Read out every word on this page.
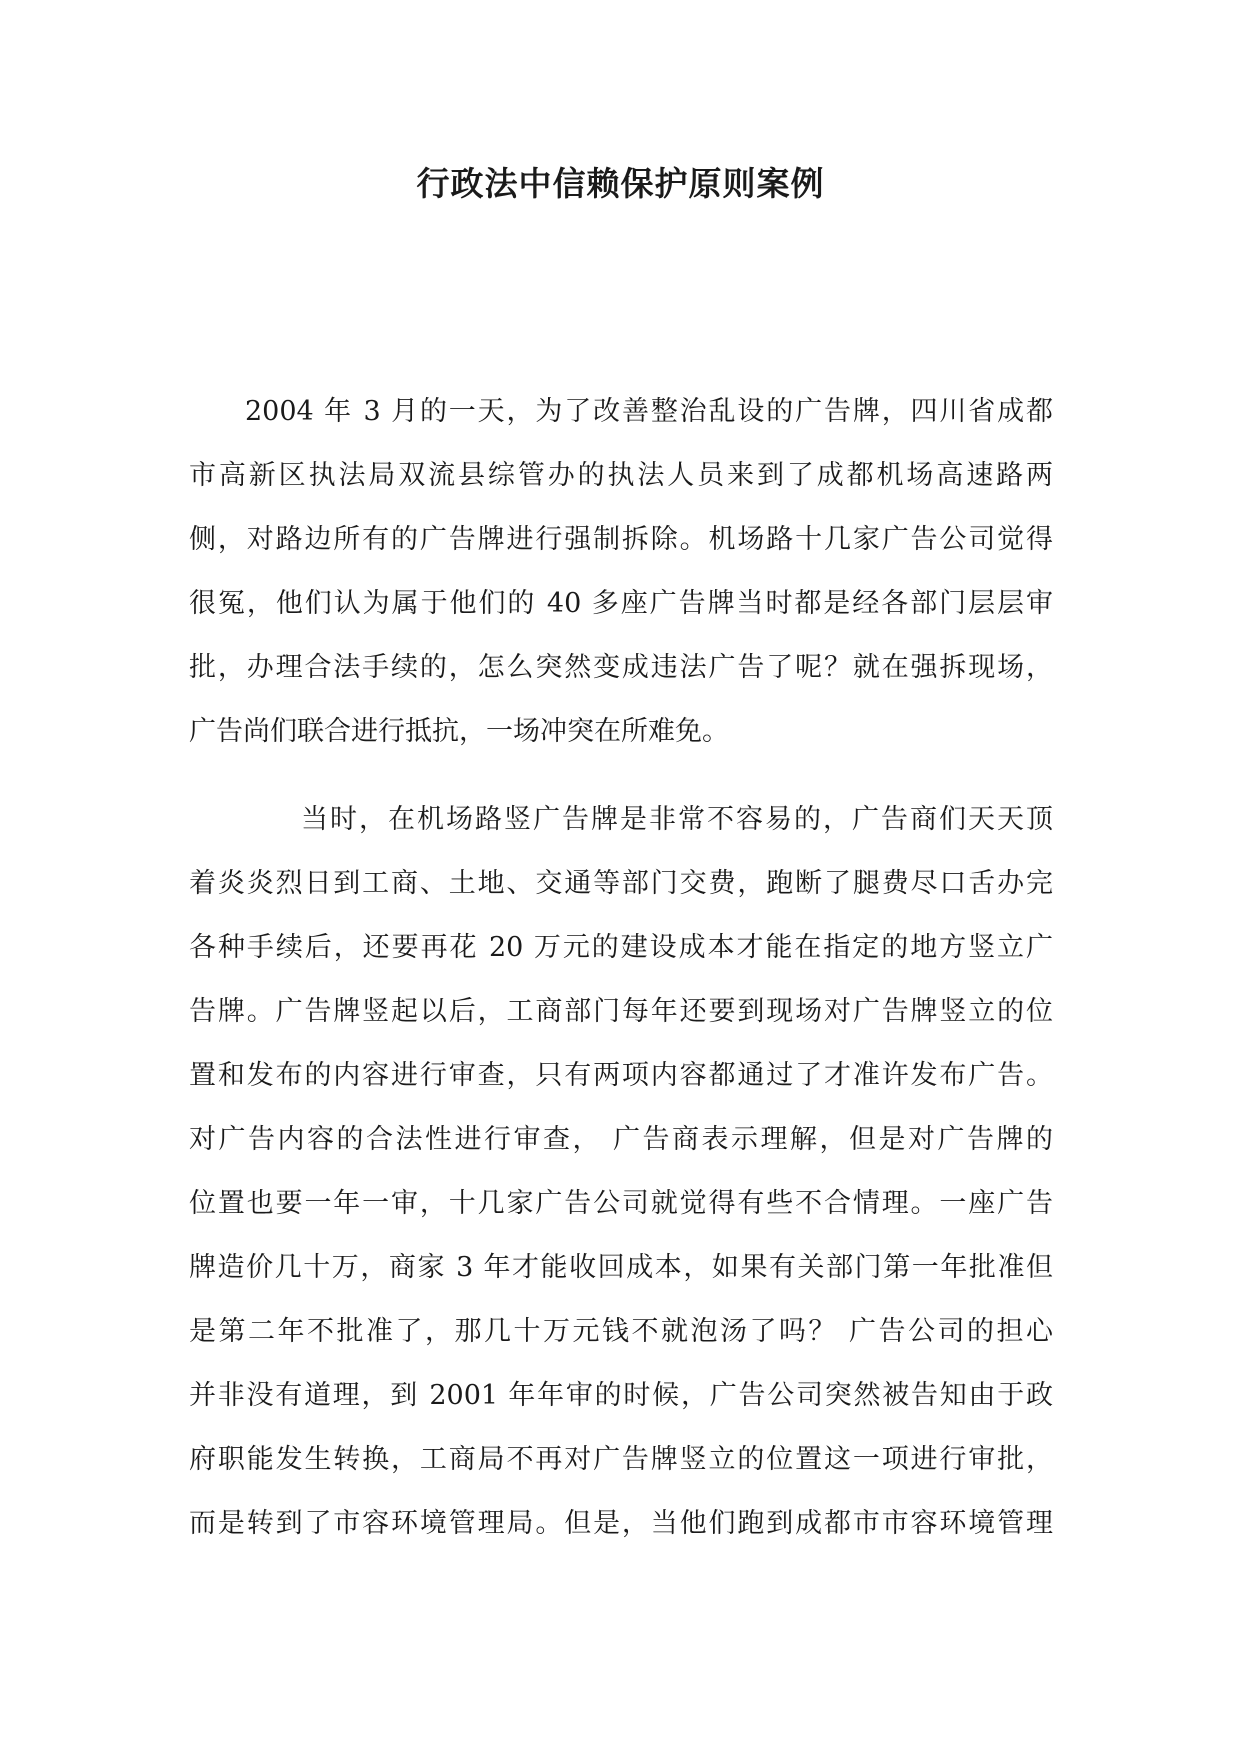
行政法中信赖保护原则案例
2004 年 3 月的一天，为了改善整治乱设的广告牌，四川省成都
市高新区执法局双流县综管办的执法人员来到了成都机场高速路两
侧，对路边所有的广告牌进行强制拆除。机场路十几家广告公司觉得
很冤，他们认为属于他们的 40 多座广告牌当时都是经各部门层层审
批，办理合法手续的，怎么突然变成违法广告了呢？就在强拆现场，
广告尚们联合进行抵抗，一场冲突在所难免。
当时，在机场路竖广告牌是非常不容易的，广告商们天天顶
着炎炎烈日到工商、土地、交通等部门交费，跑断了腿费尽口舌办完
各种手续后，还要再花 20 万元的建设成本才能在指定的地方竖立广
告牌。广告牌竖起以后，工商部门每年还要到现场对广告牌竖立的位
置和发布的内容进行审查，只有两项内容都通过了才准许发布广告。
对广告内容的合法性进行审查， 广告商表示理解，但是对广告牌的
位置也要一年一审，十几家广告公司就觉得有些不合情理。一座广告
牌造价几十万，商家 3 年才能收回成本，如果有关部门第一年批准但
是第二年不批准了，那几十万元钱不就泡汤了吗？ 广告公司的担心
并非没有道理，到 2001 年年审的时候，广告公司突然被告知由于政
府职能发生转换，工商局不再对广告牌竖立的位置这一项进行审批，
而是转到了市容环境管理局。但是，当他们跑到成都市市容环境管理
